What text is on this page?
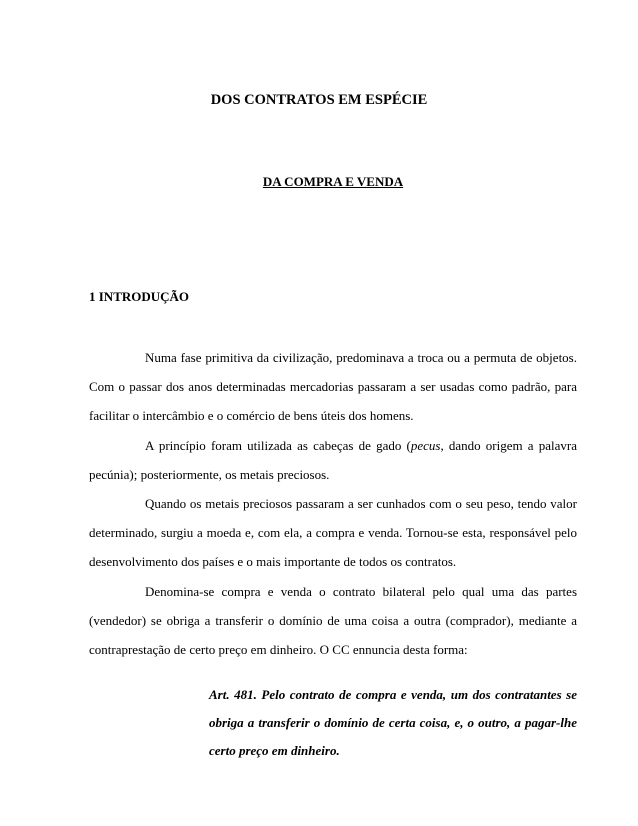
DOS CONTRATOS EM ESPÉCIE
DA COMPRA E VENDA
1 INTRODUÇÃO

Numa fase primitiva da civilização, predominava a troca ou a permuta de objetos. Com o passar dos anos determinadas mercadorias passaram a ser usadas como padrão, para facilitar o intercâmbio e o comércio de bens úteis dos homens.

A princípio foram utilizada as cabeças de gado (pecus, dando origem a palavra pecúnia); posteriormente, os metais preciosos.

Quando os metais preciosos passaram a ser cunhados com o seu peso, tendo valor determinado, surgiu a moeda e, com ela, a compra e venda. Tornou-se esta, responsável pelo desenvolvimento dos países e o mais importante de todos os contratos.

Denomina-se compra e venda o contrato bilateral pelo qual uma das partes (vendedor) se obriga a transferir o domínio de uma coisa a outra (comprador), mediante a contraprestação de certo preço em dinheiro. O CC ennuncia desta forma:

Art. 481. Pelo contrato de compra e venda, um dos contratantes se obriga a transferir o domínio de certa coisa, e, o outro, a pagar-lhe certo preço em dinheiro.
